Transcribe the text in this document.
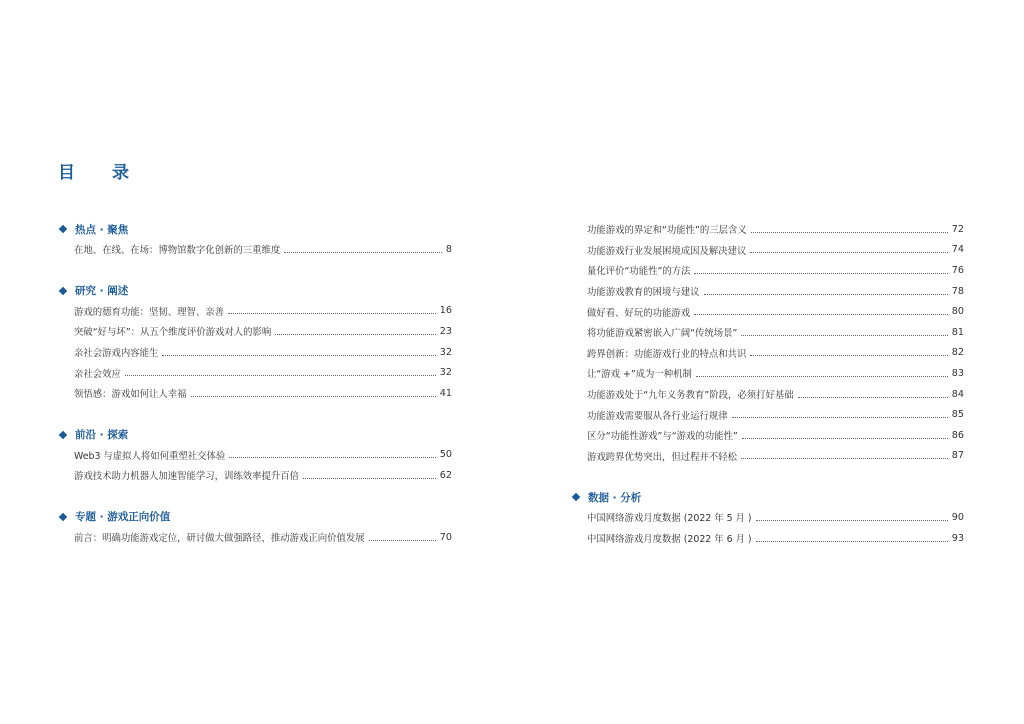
目　录
热点 · 聚焦
在地、在线、在场：博物馆数字化创新的三重维度	8
研究 · 阐述
游戏的德育功能：坚韧、理智、亲善	16
突破“好与坏”：从五个维度评价游戏对人的影响	23
亲社会游戏内容能生	32
亲社会效应	32
领悟感：游戏如何让人幸福	41
前沿 · 探索
Web3 与虚拟人将如何重塑社交体验	50
游戏技术助力机器人加速智能学习，训练效率提升百倍	62
专题 · 游戏正向价值
前言：明确功能游戏定位，研讨做大做强路径，推动游戏正向价值发展	70
功能游戏的界定和“功能性”的三层含义	72
功能游戏行业发展困境成因及解决建议	74
量化评价“功能性”的方法	76
功能游戏教育的困境与建议	78
做好看、好玩的功能游戏	80
将功能游戏紧密嵌入广阔“传统场景”	81
跨界创新：功能游戏行业的特点和共识	82
让“游戏 +”成为一种机制	83
功能游戏处于“九年义务教育”阶段，必须打好基础	84
功能游戏需要服从各行业运行规律	85
区分“功能性游戏”与“游戏的功能性”	86
游戏跨界优势突出，但过程并不轻松	87
数据 · 分析
中国网络游戏月度数据 (2022 年 5 月 )	90
中国网络游戏月度数据 (2022 年 6 月 )	93
